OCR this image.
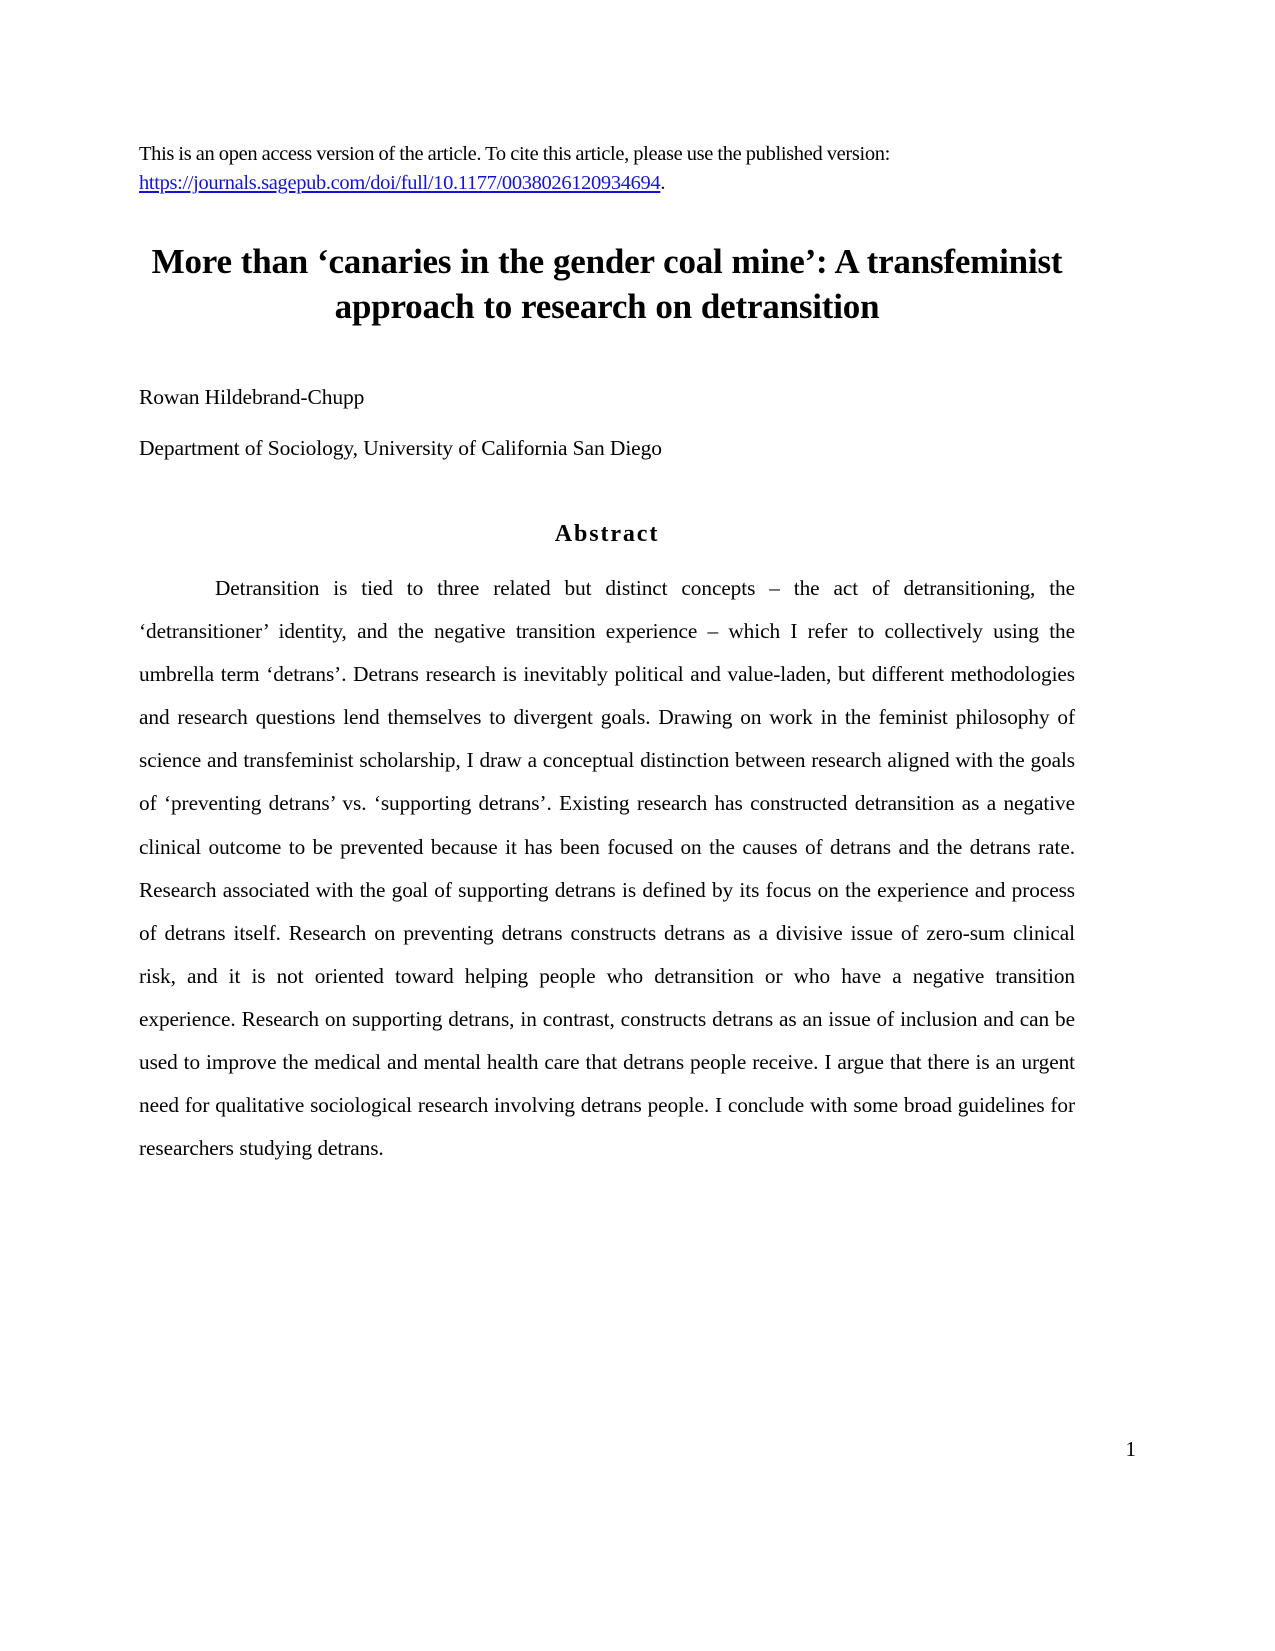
This is an open access version of the article. To cite this article, please use the published version: https://journals.sagepub.com/doi/full/10.1177/0038026120934694.

More than ‘canaries in the gender coal mine’: A transfeminist approach to research on detransition

Rowan Hildebrand-Chupp

Department of Sociology, University of California San Diego

Abstract

Detransition is tied to three related but distinct concepts – the act of detransitioning, the ‘detransitioner’ identity, and the negative transition experience – which I refer to collectively using the umbrella term ‘detrans’. Detrans research is inevitably political and value-laden, but different methodologies and research questions lend themselves to divergent goals. Drawing on work in the feminist philosophy of science and transfeminist scholarship, I draw a conceptual distinction between research aligned with the goals of ‘preventing detrans’ vs. ‘supporting detrans’. Existing research has constructed detransition as a negative clinical outcome to be prevented because it has been focused on the causes of detrans and the detrans rate. Research associated with the goal of supporting detrans is defined by its focus on the experience and process of detrans itself. Research on preventing detrans constructs detrans as a divisive issue of zero-sum clinical risk, and it is not oriented toward helping people who detransition or who have a negative transition experience. Research on supporting detrans, in contrast, constructs detrans as an issue of inclusion and can be used to improve the medical and mental health care that detrans people receive. I argue that there is an urgent need for qualitative sociological research involving detrans people. I conclude with some broad guidelines for researchers studying detrans.

1
